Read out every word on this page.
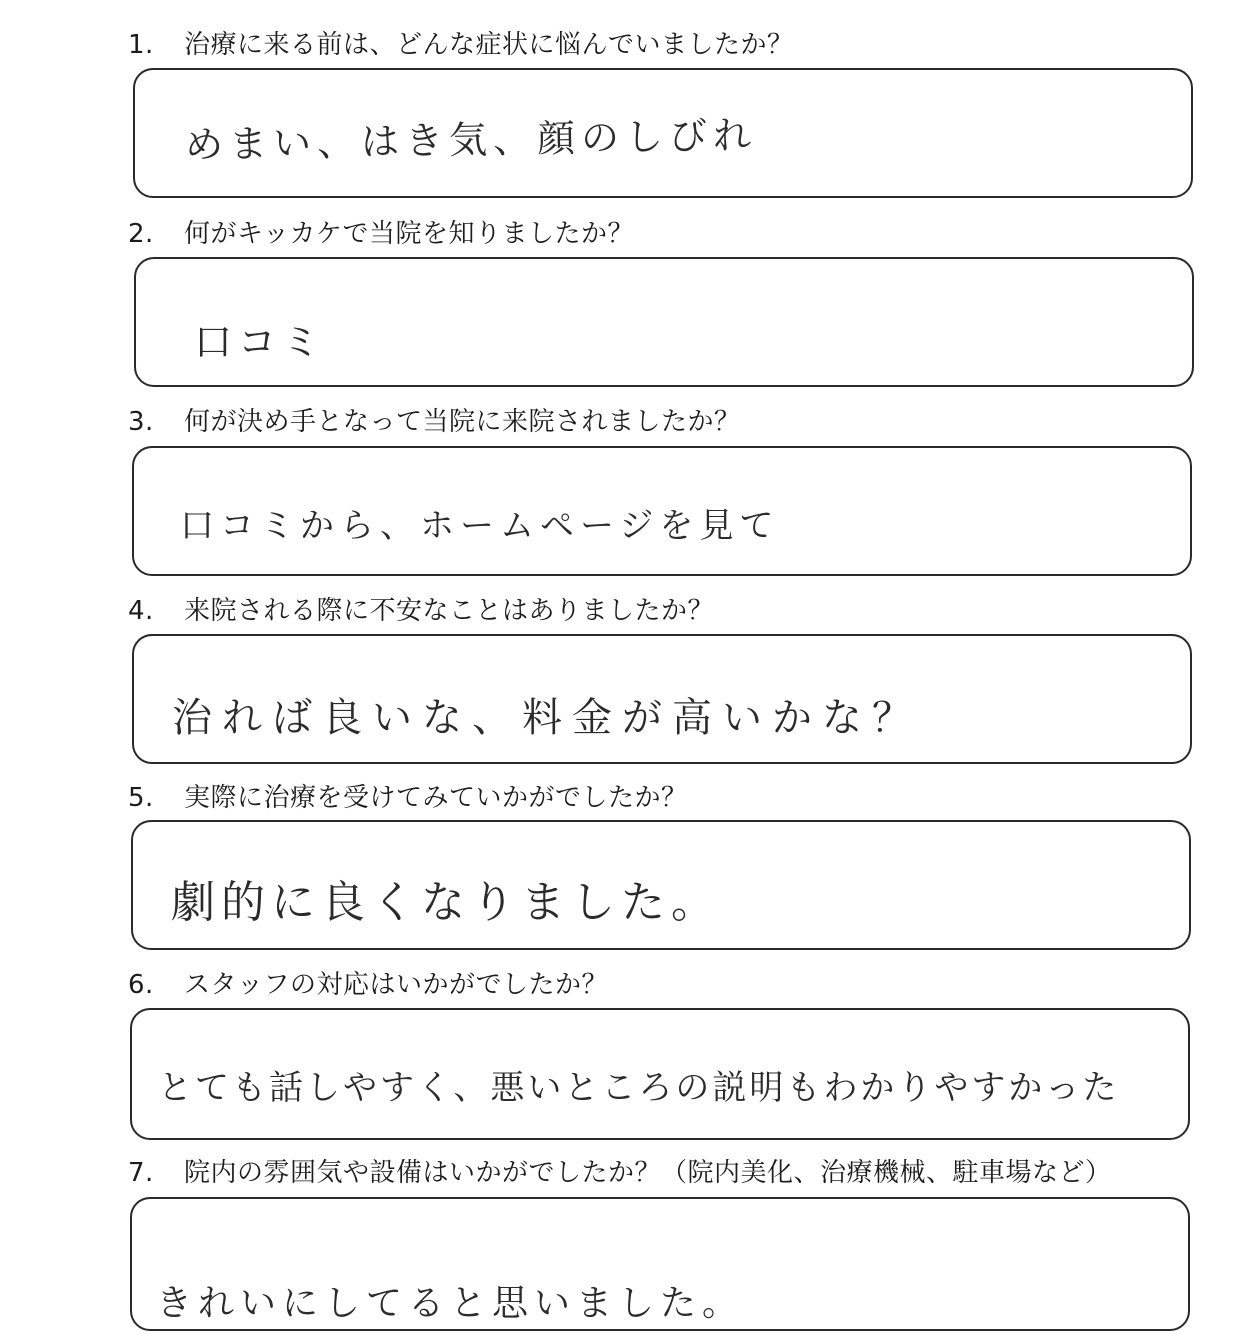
1. 治療に来る前は、どんな症状に悩んでいましたか？
めまい、はき気、顔のしびれ
2. 何がキッカケで当院を知りましたか？
口コミ
3. 何が決め手となって当院に来院されましたか？
口コミから、ホームページを見て
4. 来院される際に不安なことはありましたか？
治れば良いな、料金が高いかな？
5. 実際に治療を受けてみていかがでしたか？
劇的に良くなりました。
6. スタッフの対応はいかがでしたか？
とても話しやすく、悪いところの説明もわかりやすかった
7. 院内の雰囲気や設備はいかがでしたか？（院内美化、治療機械、駐車場など）
きれいにしてると思いました。
